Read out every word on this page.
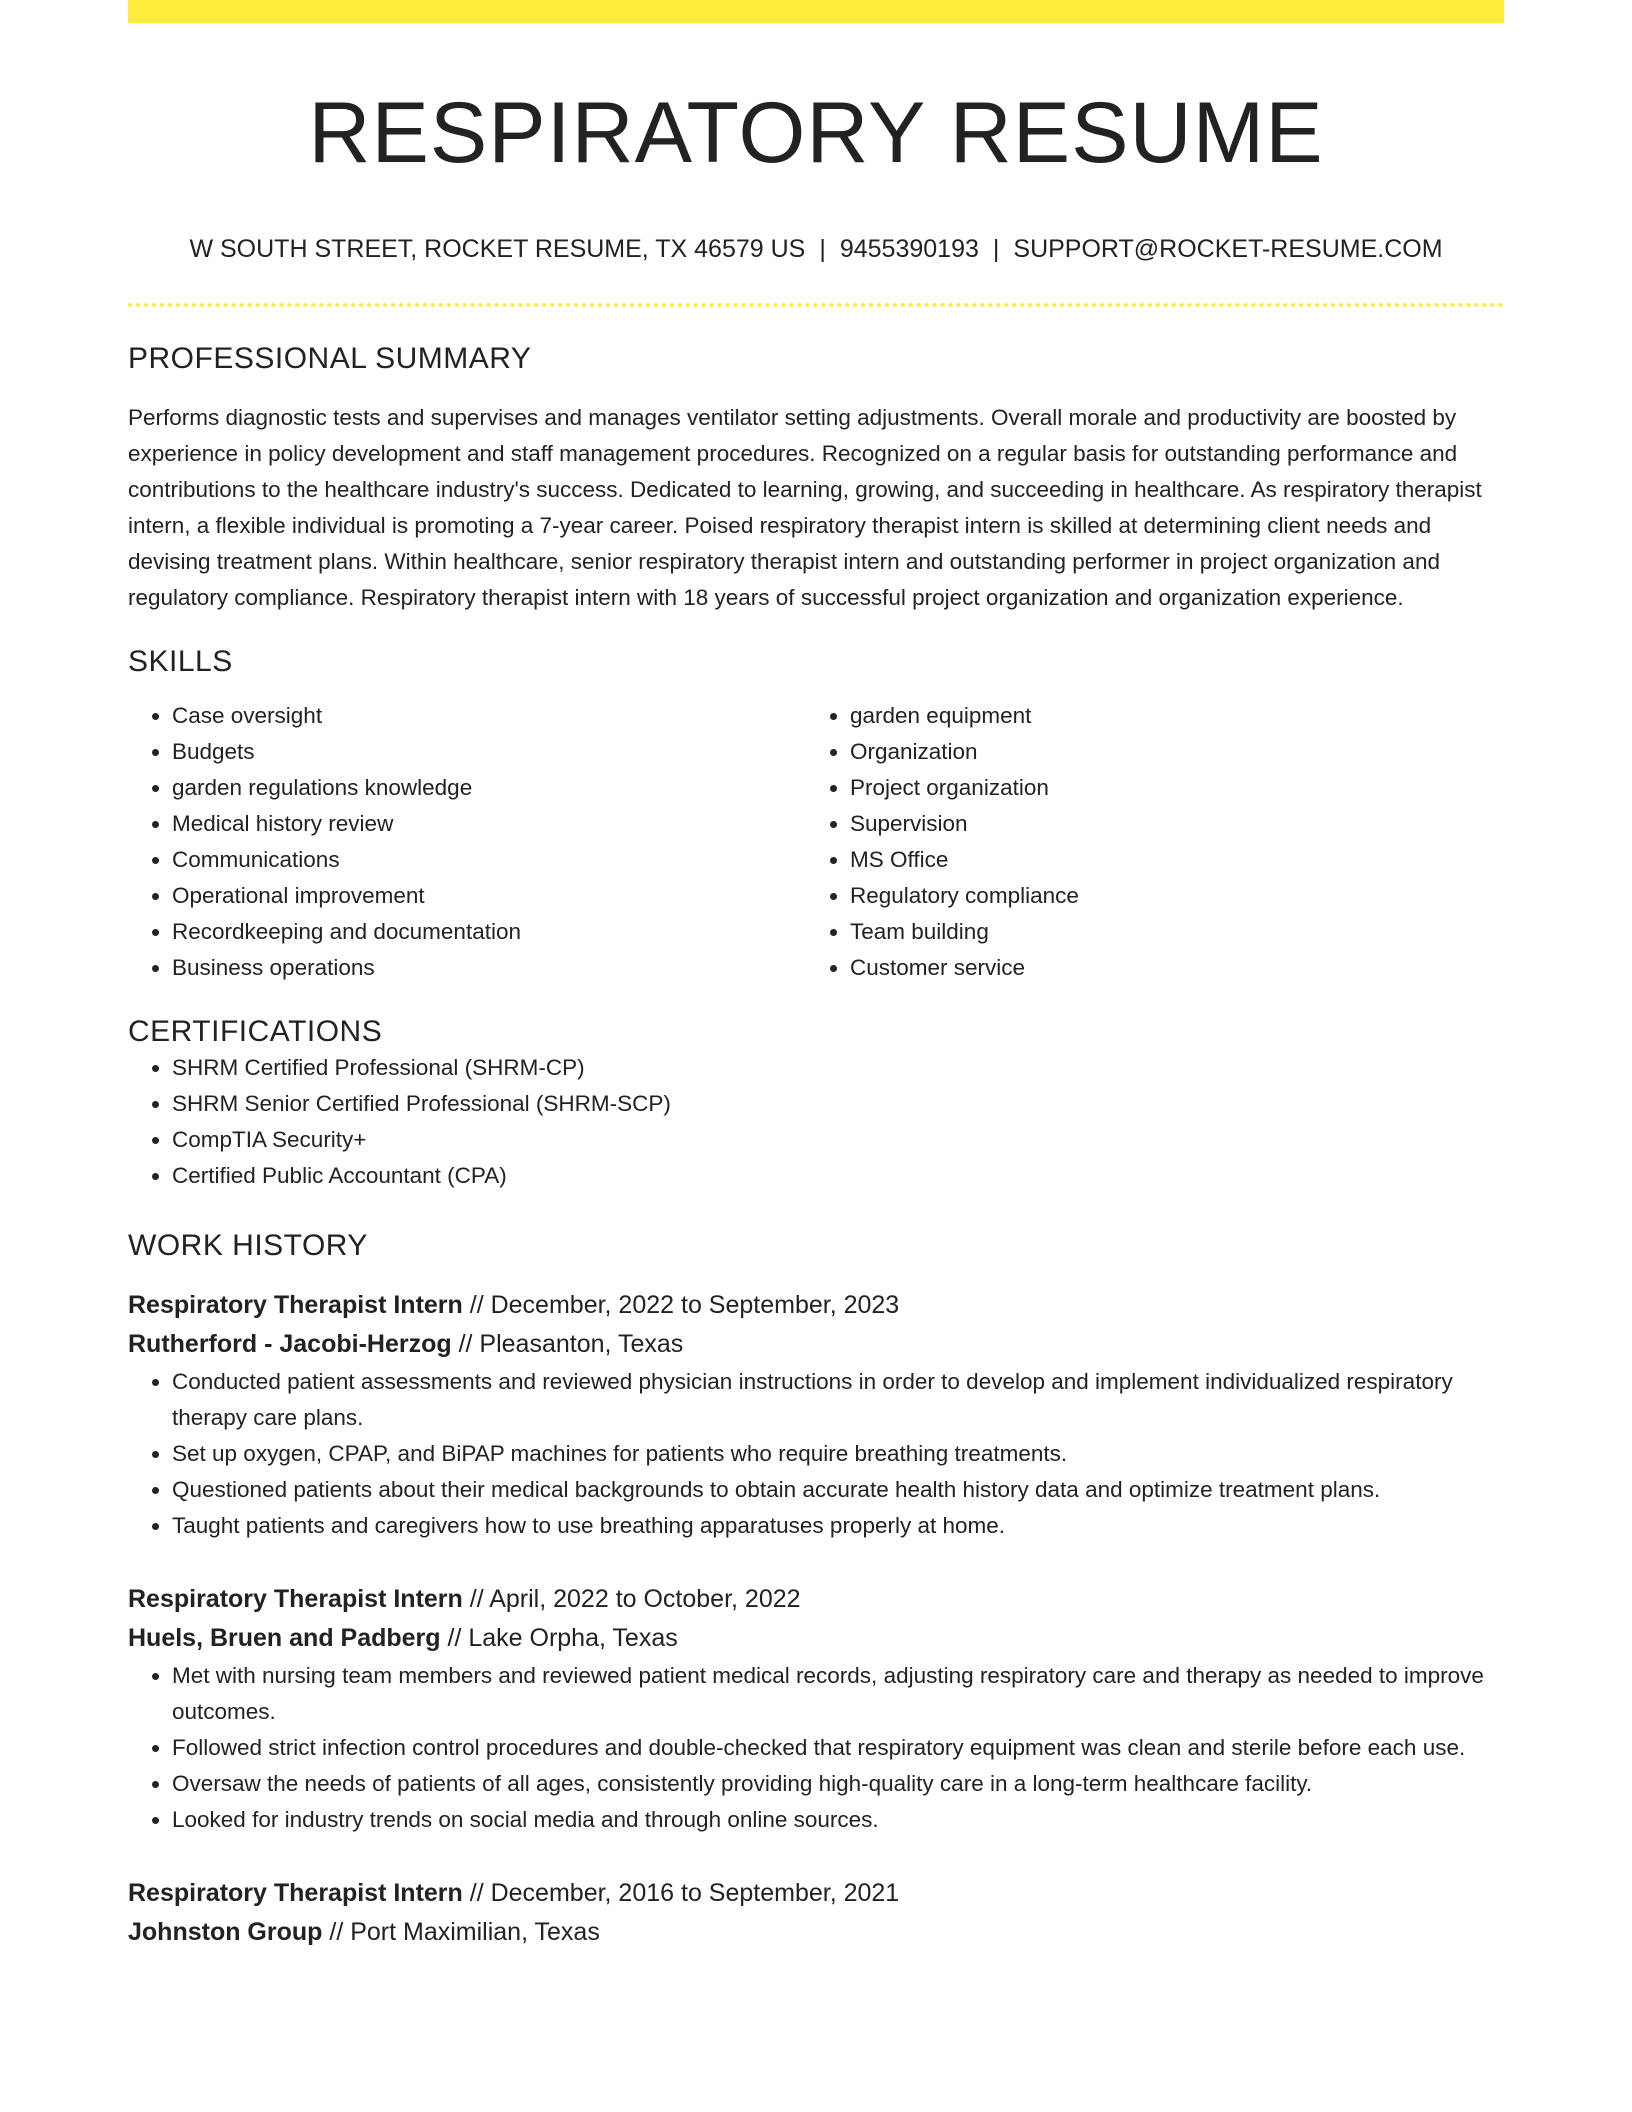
RESPIRATORY RESUME
W SOUTH STREET, ROCKET RESUME, TX 46579 US | 9455390193 | SUPPORT@ROCKET-RESUME.COM
PROFESSIONAL SUMMARY
Performs diagnostic tests and supervises and manages ventilator setting adjustments. Overall morale and productivity are boosted by experience in policy development and staff management procedures. Recognized on a regular basis for outstanding performance and contributions to the healthcare industry's success. Dedicated to learning, growing, and succeeding in healthcare. As respiratory therapist intern, a flexible individual is promoting a 7-year career. Poised respiratory therapist intern is skilled at determining client needs and devising treatment plans. Within healthcare, senior respiratory therapist intern and outstanding performer in project organization and regulatory compliance. Respiratory therapist intern with 18 years of successful project organization and organization experience.
SKILLS
• Case oversight
• Budgets
• garden regulations knowledge
• Medical history review
• Communications
• Operational improvement
• Recordkeeping and documentation
• Business operations
• garden equipment
• Organization
• Project organization
• Supervision
• MS Office
• Regulatory compliance
• Team building
• Customer service
CERTIFICATIONS
• SHRM Certified Professional (SHRM-CP)
• SHRM Senior Certified Professional (SHRM-SCP)
• CompTIA Security+
• Certified Public Accountant (CPA)
WORK HISTORY
Respiratory Therapist Intern // December, 2022 to September, 2023
Rutherford - Jacobi-Herzog // Pleasanton, Texas
• Conducted patient assessments and reviewed physician instructions in order to develop and implement individualized respiratory therapy care plans.
• Set up oxygen, CPAP, and BiPAP machines for patients who require breathing treatments.
• Questioned patients about their medical backgrounds to obtain accurate health history data and optimize treatment plans.
• Taught patients and caregivers how to use breathing apparatuses properly at home.
Respiratory Therapist Intern // April, 2022 to October, 2022
Huels, Bruen and Padberg // Lake Orpha, Texas
• Met with nursing team members and reviewed patient medical records, adjusting respiratory care and therapy as needed to improve outcomes.
• Followed strict infection control procedures and double-checked that respiratory equipment was clean and sterile before each use.
• Oversaw the needs of patients of all ages, consistently providing high-quality care in a long-term healthcare facility.
• Looked for industry trends on social media and through online sources.
Respiratory Therapist Intern // December, 2016 to September, 2021
Johnston Group // Port Maximilian, Texas
